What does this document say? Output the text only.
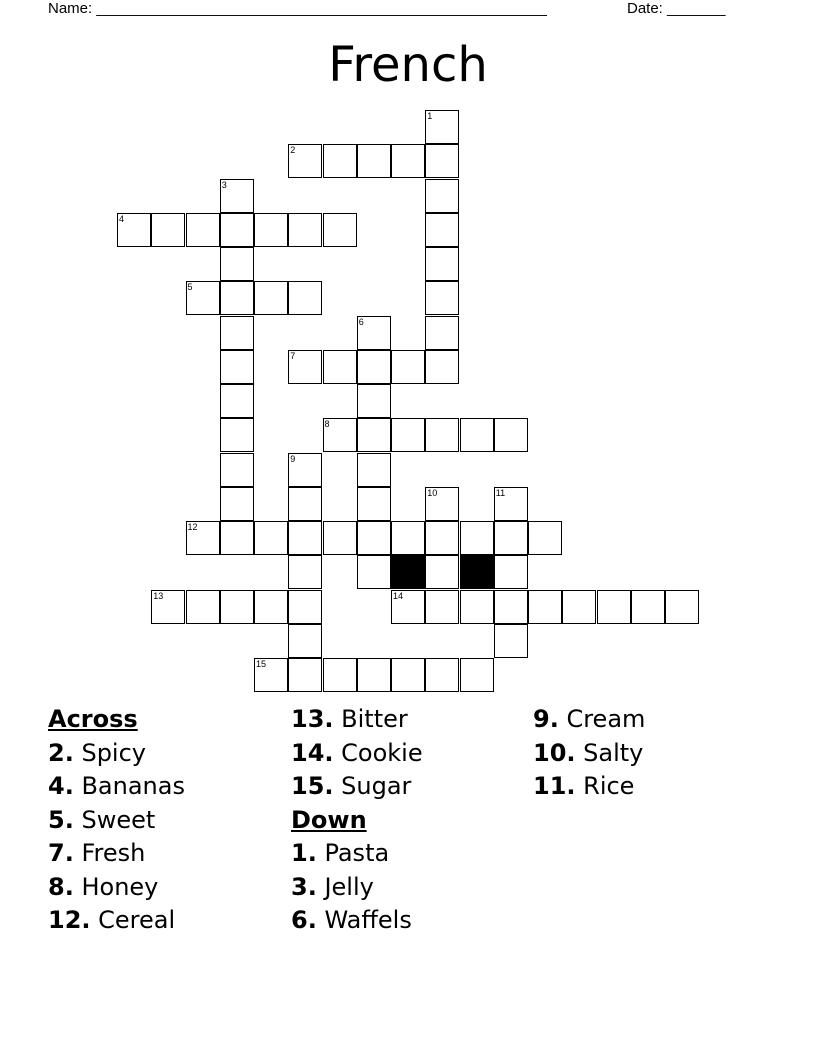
Name: ______________________________________________________	Date: _______
French
2
4
5
7
8
12
13	14
15
1
3
6
9
10	11
Across
2. Spicy
4. Bananas
5. Sweet
7. Fresh
8. Honey
12. Cereal
13. Bitter
14. Cookie
15. Sugar
Down
1. Pasta
3. Jelly
6. Waffels
9. Cream
10. Salty
11. Rice
